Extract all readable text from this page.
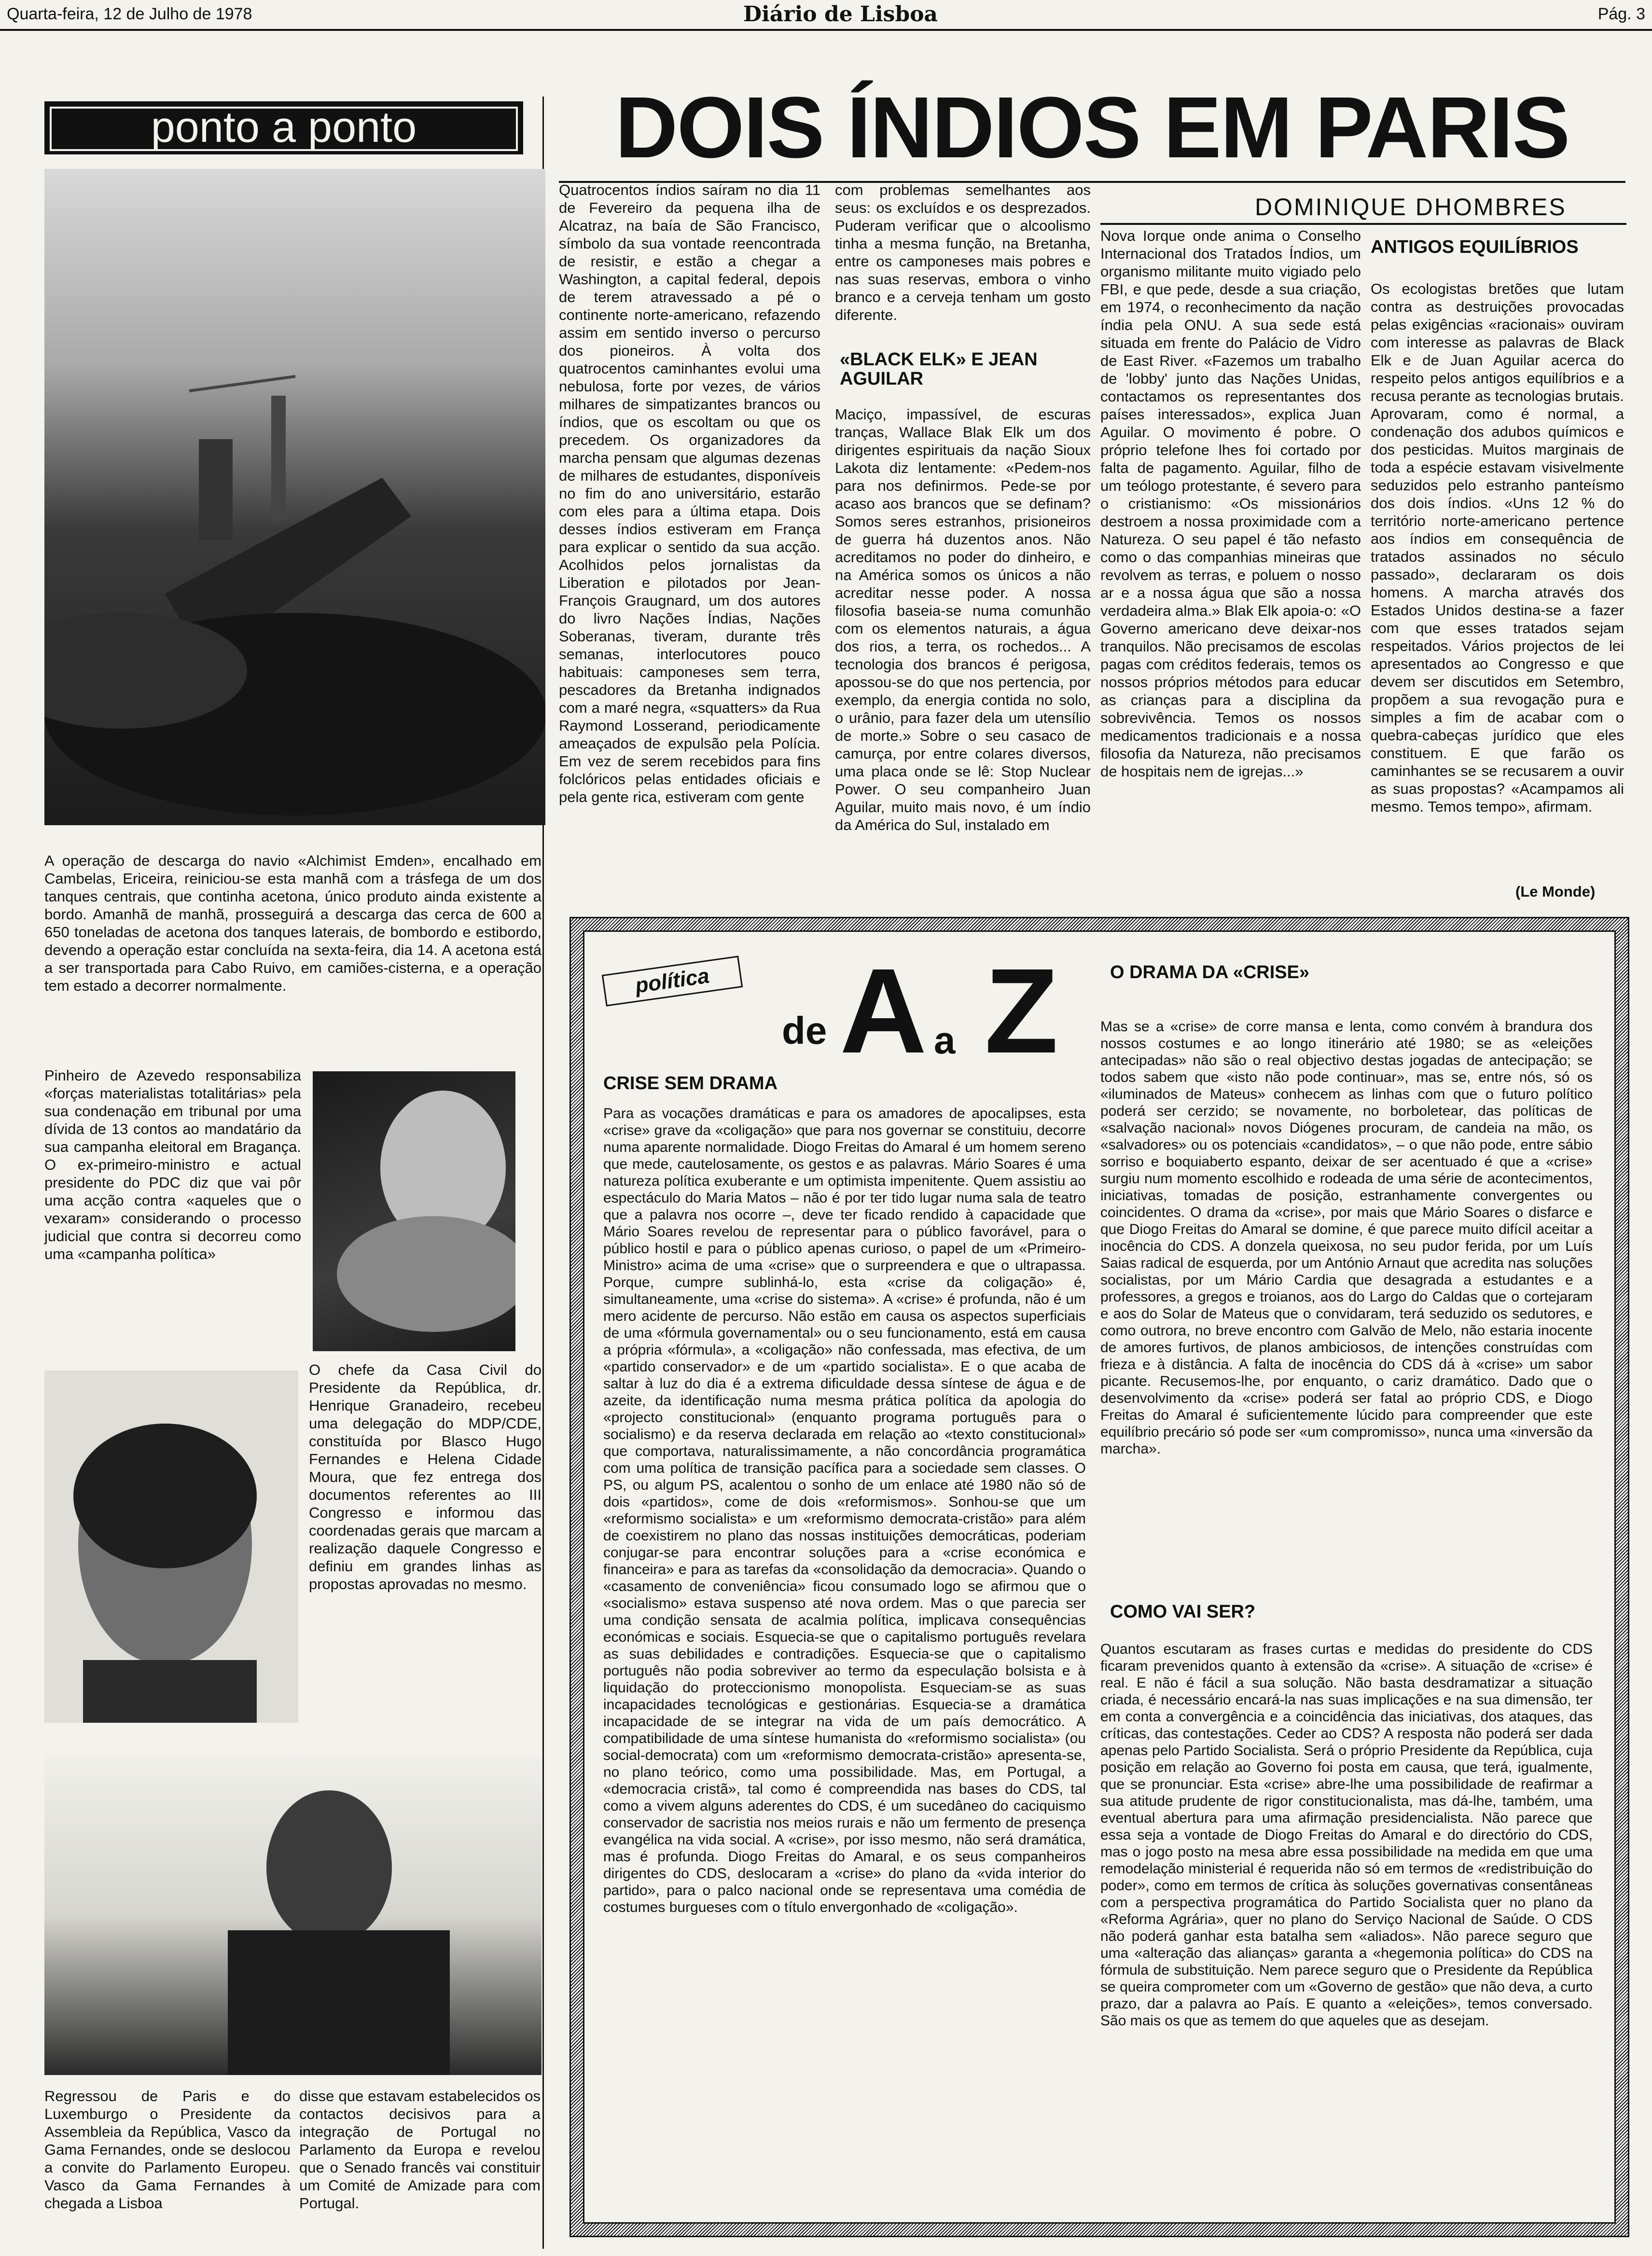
Quarta-feira, 12 de Julho de 1978	Diário de Lisboa	Pág. 3
ponto a ponto
A operação de descarga do navio «Alchimist Emden», encalhado em Cambelas, Ericeira, reiniciou-se esta manhã com a trásfega de um dos tanques centrais, que continha acetona, único produto ainda existente a bordo. Amanhã de manhã, prosseguirá a descarga das cerca de 600 a 650 toneladas de acetona dos tanques laterais, de bombordo e estibordo, devendo a operação estar concluída na sexta-feira, dia 14. A acetona está a ser transportada para Cabo Ruivo, em camiões-cisterna, e a operação tem estado a decorrer normalmente.
Pinheiro de Azevedo responsabiliza «forças materialistas totalitárias» pela sua condenação em tribunal por uma dívida de 13 contos ao mandatário da sua campanha eleitoral em Bragança. O ex-primeiro-ministro e actual presidente do PDC diz que vai pôr uma acção contra «aqueles que o vexaram» considerando o processo judicial que contra si decorreu como uma «campanha política»
O chefe da Casa Civil do Presidente da República, dr. Henrique Granadeiro, recebeu uma delegação do MDP/CDE, constituída por Blasco Hugo Fernandes e Helena Cidade Moura, que fez entrega dos documentos referentes ao III Congresso e informou das coordenadas gerais que marcam a realização daquele Congresso e definiu em grandes linhas as propostas aprovadas no mesmo.
Regressou de Paris e do Luxemburgo o Presidente da Assembleia da República, Vasco da Gama Fernandes, onde se deslocou a convite do Parlamento Europeu. Vasco da Gama Fernandes à chegada a Lisboa
disse que estavam estabelecidos os contactos decisivos para a integração de Portugal no Parlamento da Europa e revelou que o Senado francês vai constituir um Comité de Amizade para com Portugal.
DOIS ÍNDIOS EM PARIS
DOMINIQUE DHOMBRES
Quatrocentos índios saíram no dia 11 de Fevereiro da pequena ilha de Alcatraz, na baía de São Francisco, símbolo da sua vontade reencontrada de resistir, e estão a chegar a Washington, a capital federal, depois de terem atravessado a pé o continente norte-americano, refazendo assim em sentido inverso o percurso dos pioneiros. À volta dos quatrocentos caminhantes evolui uma nebulosa, forte por vezes, de vários milhares de simpatizantes brancos ou índios, que os escoltam ou que os precedem. Os organizadores da marcha pensam que algumas dezenas de milhares de estudantes, disponíveis no fim do ano universitário, estarão com eles para a última etapa. Dois desses índios estiveram em França para explicar o sentido da sua acção. Acolhidos pelos jornalistas da Liberation e pilotados por Jean-François Graugnard, um dos autores do livro Nações Índias, Nações Soberanas, tiveram, durante três semanas, interlocutores pouco habituais: camponeses sem terra, pescadores da Bretanha indignados com a maré negra, «squatters» da Rua Raymond Losserand, periodicamente ameaçados de expulsão pela Polícia. Em vez de serem recebidos para fins folclóricos pelas entidades oficiais e pela gente rica, estiveram com gente
com problemas semelhantes aos seus: os excluídos e os desprezados. Puderam verificar que o alcoolismo tinha a mesma função, na Bretanha, entre os camponeses mais pobres e nas suas reservas, embora o vinho branco e a cerveja tenham um gosto diferente.
«BLACK ELK» E JEAN AGUILAR
Maciço, impassível, de escuras tranças, Wallace Blak Elk um dos dirigentes espirituais da nação Sioux Lakota diz lentamente: «Pedem-nos para nos definirmos. Pede-se por acaso aos brancos que se definam? Somos seres estranhos, prisioneiros de guerra há duzentos anos. Não acreditamos no poder do dinheiro, e na América somos os únicos a não acreditar nesse poder. A nossa filosofia baseia-se numa comunhão com os elementos naturais, a água dos rios, a terra, os rochedos... A tecnologia dos brancos é perigosa, apossou-se do que nos pertencia, por exemplo, da energia contida no solo, o urânio, para fazer dela um utensílio de morte.» Sobre o seu casaco de camurça, por entre colares diversos, uma placa onde se lê: Stop Nuclear Power. O seu companheiro Juan Aguilar, muito mais novo, é um índio da América do Sul, instalado em
Nova Iorque onde anima o Conselho Internacional dos Tratados Índios, um organismo militante muito vigiado pelo FBI, e que pede, desde a sua criação, em 1974, o reconhecimento da nação índia pela ONU. A sua sede está situada em frente do Palácio de Vidro de East River. «Fazemos um trabalho de 'lobby' junto das Nações Unidas, contactamos os representantes dos países interessados», explica Juan Aguilar. O movimento é pobre. O próprio telefone lhes foi cortado por falta de pagamento. Aguilar, filho de um teólogo protestante, é severo para o cristianismo: «Os missionários destroem a nossa proximidade com a Natureza. O seu papel é tão nefasto como o das companhias mineiras que revolvem as terras, e poluem o nosso ar e a nossa água que são a nossa verdadeira alma.» Blak Elk apoia-o: «O Governo americano deve deixar-nos tranquilos. Não precisamos de escolas pagas com créditos federais, temos os nossos próprios métodos para educar as crianças para a disciplina da sobrevivência. Temos os nossos medicamentos tradicionais e a nossa filosofia da Natureza, não precisamos de hospitais nem de igrejas...»
ANTIGOS EQUILÍBRIOS
Os ecologistas bretões que lutam contra as destruições provocadas pelas exigências «racionais» ouviram com interesse as palavras de Black Elk e de Juan Aguilar acerca do respeito pelos antigos equilíbrios e a recusa perante as tecnologias brutais. Aprovaram, como é normal, a condenação dos adubos químicos e dos pesticidas. Muitos marginais de toda a espécie estavam visivelmente seduzidos pelo estranho panteísmo dos dois índios. «Uns 12 % do território norte-americano pertence aos índios em consequência de tratados assinados no século passado», declararam os dois homens. A marcha através dos Estados Unidos destina-se a fazer com que esses tratados sejam respeitados. Vários projectos de lei apresentados ao Congresso e que devem ser discutidos em Setembro, propõem a sua revogação pura e simples a fim de acabar com o quebra-cabeças jurídico que eles constituem. E que farão os caminhantes se se recusarem a ouvir as suas propostas? «Acampamos ali mesmo. Temos tempo», afirmam.
(Le Monde)
política
de A a Z
CRISE SEM DRAMA
Para as vocações dramáticas e para os amadores de apocalipses, esta «crise» grave da «coligação» que para nos governar se constituiu, decorre numa aparente normalidade. Diogo Freitas do Amaral é um homem sereno que mede, cautelosamente, os gestos e as palavras. Mário Soares é uma natureza política exuberante e um optimista impenitente. Quem assistiu ao espectáculo do Maria Matos – não é por ter tido lugar numa sala de teatro que a palavra nos ocorre –, deve ter ficado rendido à capacidade que Mário Soares revelou de representar para o público favorável, para o público hostil e para o público apenas curioso, o papel de um «Primeiro-Ministro» acima de uma «crise» que o surpreendera e que o ultrapassa. Porque, cumpre sublinhá-lo, esta «crise da coligação» é, simultaneamente, uma «crise do sistema». A «crise» é profunda, não é um mero acidente de percurso. Não estão em causa os aspectos superficiais de uma «fórmula governamental» ou o seu funcionamento, está em causa a própria «fórmula», a «coligação» não confessada, mas efectiva, de um «partido conservador» e de um «partido socialista». E o que acaba de saltar à luz do dia é a extrema dificuldade dessa síntese de água e de azeite, da identificação numa mesma prática política da apologia do «projecto constitucional» (enquanto programa português para o socialismo) e da reserva declarada em relação ao «texto constitucional» que comportava, naturalissimamente, a não concordância programática com uma política de transição pacífica para a sociedade sem classes. O PS, ou algum PS, acalentou o sonho de um enlace até 1980 não só de dois «partidos», come de dois «reformismos». Sonhou-se que um «reformismo socialista» e um «reformismo democrata-cristão» para além de coexistirem no plano das nossas instituições democráticas, poderiam conjugar-se para encontrar soluções para a «crise económica e financeira» e para as tarefas da «consolidação da democracia». Quando o «casamento de conveniência» ficou consumado logo se afirmou que o «socialismo» estava suspenso até nova ordem. Mas o que parecia ser uma condição sensata de acalmia política, implicava consequências económicas e sociais. Esquecia-se que o capitalismo português revelara as suas debilidades e contradições. Esquecia-se que o capitalismo português não podia sobreviver ao termo da especulação bolsista e à liquidação do proteccionismo monopolista. Esqueciam-se as suas incapacidades tecnológicas e gestionárias. Esquecia-se a dramática incapacidade de se integrar na vida de um país democrático. A compatibilidade de uma síntese humanista do «reformismo socialista» (ou social-democrata) com um «reformismo democrata-cristão» apresenta-se, no plano teórico, como uma possibilidade. Mas, em Portugal, a «democracia cristã», tal como é compreendida nas bases do CDS, tal como a vivem alguns aderentes do CDS, é um sucedâneo do caciquismo conservador de sacristia nos meios rurais e não um fermento de presença evangélica na vida social. A «crise», por isso mesmo, não será dramática, mas é profunda. Diogo Freitas do Amaral, e os seus companheiros dirigentes do CDS, deslocaram a «crise» do plano da «vida interior do partido», para o palco nacional onde se representava uma comédia de costumes burgueses com o título envergonhado de «coligação».
O DRAMA DA «CRISE»
Mas se a «crise» de corre mansa e lenta, como convém à brandura dos nossos costumes e ao longo itinerário até 1980; se as «eleições antecipadas» não são o real objectivo destas jogadas de antecipação; se todos sabem que «isto não pode continuar», mas se, entre nós, só os «iluminados de Mateus» conhecem as linhas com que o futuro político poderá ser cerzido; se novamente, no borboletear, das políticas de «salvação nacional» novos Diógenes procuram, de candeia na mão, os «salvadores» ou os potenciais «candidatos», – o que não pode, entre sábio sorriso e boquiaberto espanto, deixar de ser acentuado é que a «crise» surgiu num momento escolhido e rodeada de uma série de acontecimentos, iniciativas, tomadas de posição, estranhamente convergentes ou coincidentes. O drama da «crise», por mais que Mário Soares o disfarce e que Diogo Freitas do Amaral se domine, é que parece muito difícil aceitar a inocência do CDS. A donzela queixosa, no seu pudor ferida, por um Luís Saias radical de esquerda, por um António Arnaut que acredita nas soluções socialistas, por um Mário Cardia que desagrada a estudantes e a professores, a gregos e troianos, aos do Largo do Caldas que o cortejaram e aos do Solar de Mateus que o convidaram, terá seduzido os sedutores, e como outrora, no breve encontro com Galvão de Melo, não estaria inocente de amores furtivos, de planos ambiciosos, de intenções construídas com frieza e à distância. A falta de inocência do CDS dá à «crise» um sabor picante. Recusemos-lhe, por enquanto, o cariz dramático. Dado que o desenvolvimento da «crise» poderá ser fatal ao próprio CDS, e Diogo Freitas do Amaral é suficientemente lúcido para compreender que este equilíbrio precário só pode ser «um compromisso», nunca uma «inversão da marcha».
COMO VAI SER?
Quantos escutaram as frases curtas e medidas do presidente do CDS ficaram prevenidos quanto à extensão da «crise». A situação de «crise» é real. E não é fácil a sua solução. Não basta desdramatizar a situação criada, é necessário encará-la nas suas implicações e na sua dimensão, ter em conta a convergência e a coincidência das iniciativas, dos ataques, das críticas, das contestações. Ceder ao CDS? A resposta não poderá ser dada apenas pelo Partido Socialista. Será o próprio Presidente da República, cuja posição em relação ao Governo foi posta em causa, que terá, igualmente, que se pronunciar. Esta «crise» abre-lhe uma possibilidade de reafirmar a sua atitude prudente de rigor constitucionalista, mas dá-lhe, também, uma eventual abertura para uma afirmação presidencialista. Não parece que essa seja a vontade de Diogo Freitas do Amaral e do directório do CDS, mas o jogo posto na mesa abre essa possibilidade na medida em que uma remodelação ministerial é requerida não só em termos de «redistribuição do poder», como em termos de crítica às soluções governativas consentâneas com a perspectiva programática do Partido Socialista quer no plano da «Reforma Agrária», quer no plano do Serviço Nacional de Saúde. O CDS não poderá ganhar esta batalha sem «aliados». Não parece seguro que uma «alteração das alianças» garanta a «hegemonia política» do CDS na fórmula de substituição. Nem parece seguro que o Presidente da República se queira comprometer com um «Governo de gestão» que não deva, a curto prazo, dar a palavra ao País. E quanto a «eleições», temos conversado. São mais os que as temem do que aqueles que as desejam.
